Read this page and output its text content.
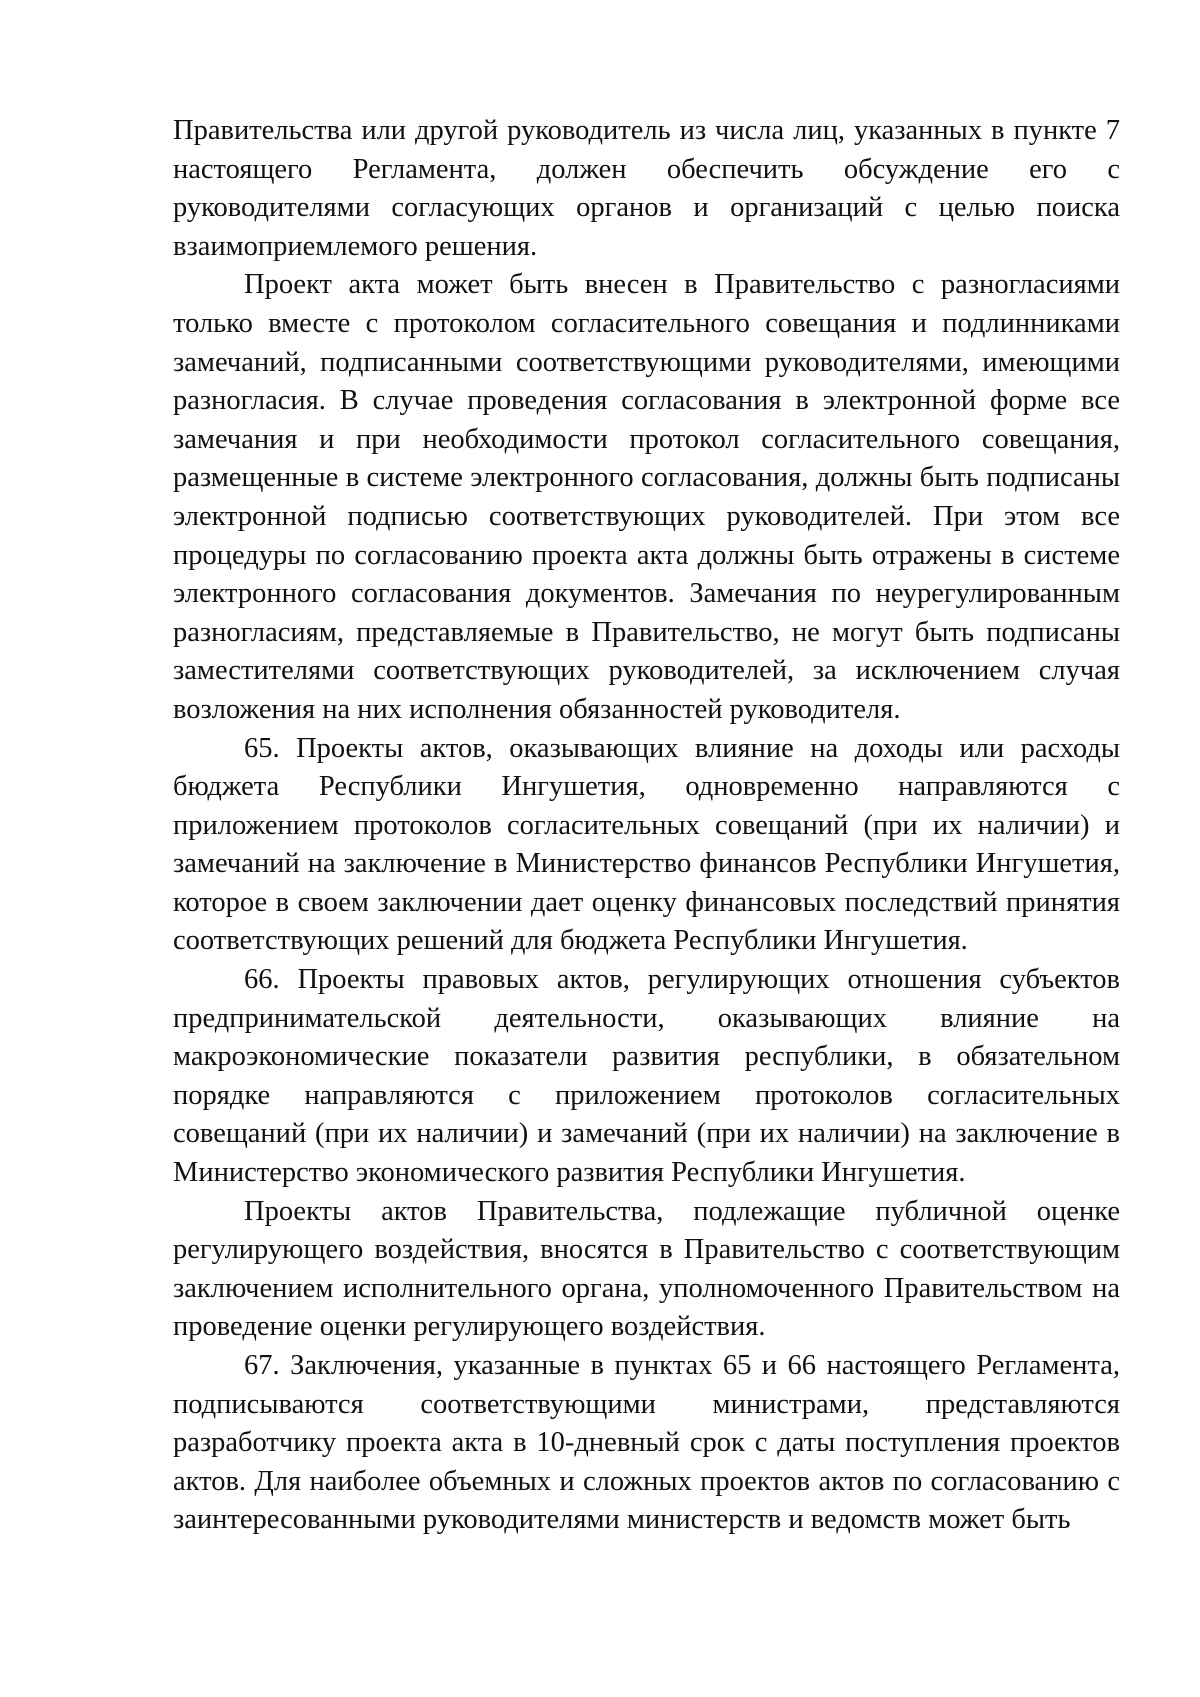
Правительства или другой руководитель из числа лиц, указанных в пункте 7 настоящего Регламента, должен обеспечить обсуждение его с руководителями согласующих органов и организаций с целью поиска взаимоприемлемого решения.

Проект акта может быть внесен в Правительство с разногласиями только вместе с протоколом согласительного совещания и подлинниками замечаний, подписанными соответствующими руководителями, имеющими разногласия. В случае проведения согласования в электронной форме все замечания и при необходимости протокол согласительного совещания, размещенные в системе электронного согласования, должны быть подписаны электронной подписью соответствующих руководителей. При этом все процедуры по согласованию проекта акта должны быть отражены в системе электронного согласования документов. Замечания по неурегулированным разногласиям, представляемые в Правительство, не могут быть подписаны заместителями соответствующих руководителей, за исключением случая возложения на них исполнения обязанностей руководителя.

65. Проекты актов, оказывающих влияние на доходы или расходы бюджета Республики Ингушетия, одновременно направляются с приложением протоколов согласительных совещаний (при их наличии) и замечаний на заключение в Министерство финансов Республики Ингушетия, которое в своем заключении дает оценку финансовых последствий принятия соответствующих решений для бюджета Республики Ингушетия.

66. Проекты правовых актов, регулирующих отношения субъектов предпринимательской деятельности, оказывающих влияние на макроэкономические показатели развития республики, в обязательном порядке направляются с приложением протоколов согласительных совещаний (при их наличии) и замечаний (при их наличии) на заключение в Министерство экономического развития Республики Ингушетия.

Проекты актов Правительства, подлежащие публичной оценке регулирующего воздействия, вносятся в Правительство с соответствующим заключением исполнительного органа, уполномоченного Правительством на проведение оценки регулирующего воздействия.

67. Заключения, указанные в пунктах 65 и 66 настоящего Регламента, подписываются соответствующими министрами, представляются разработчику проекта акта в 10-дневный срок с даты поступления проектов актов. Для наиболее объемных и сложных проектов актов по согласованию с заинтересованными руководителями министерств и ведомств может быть
